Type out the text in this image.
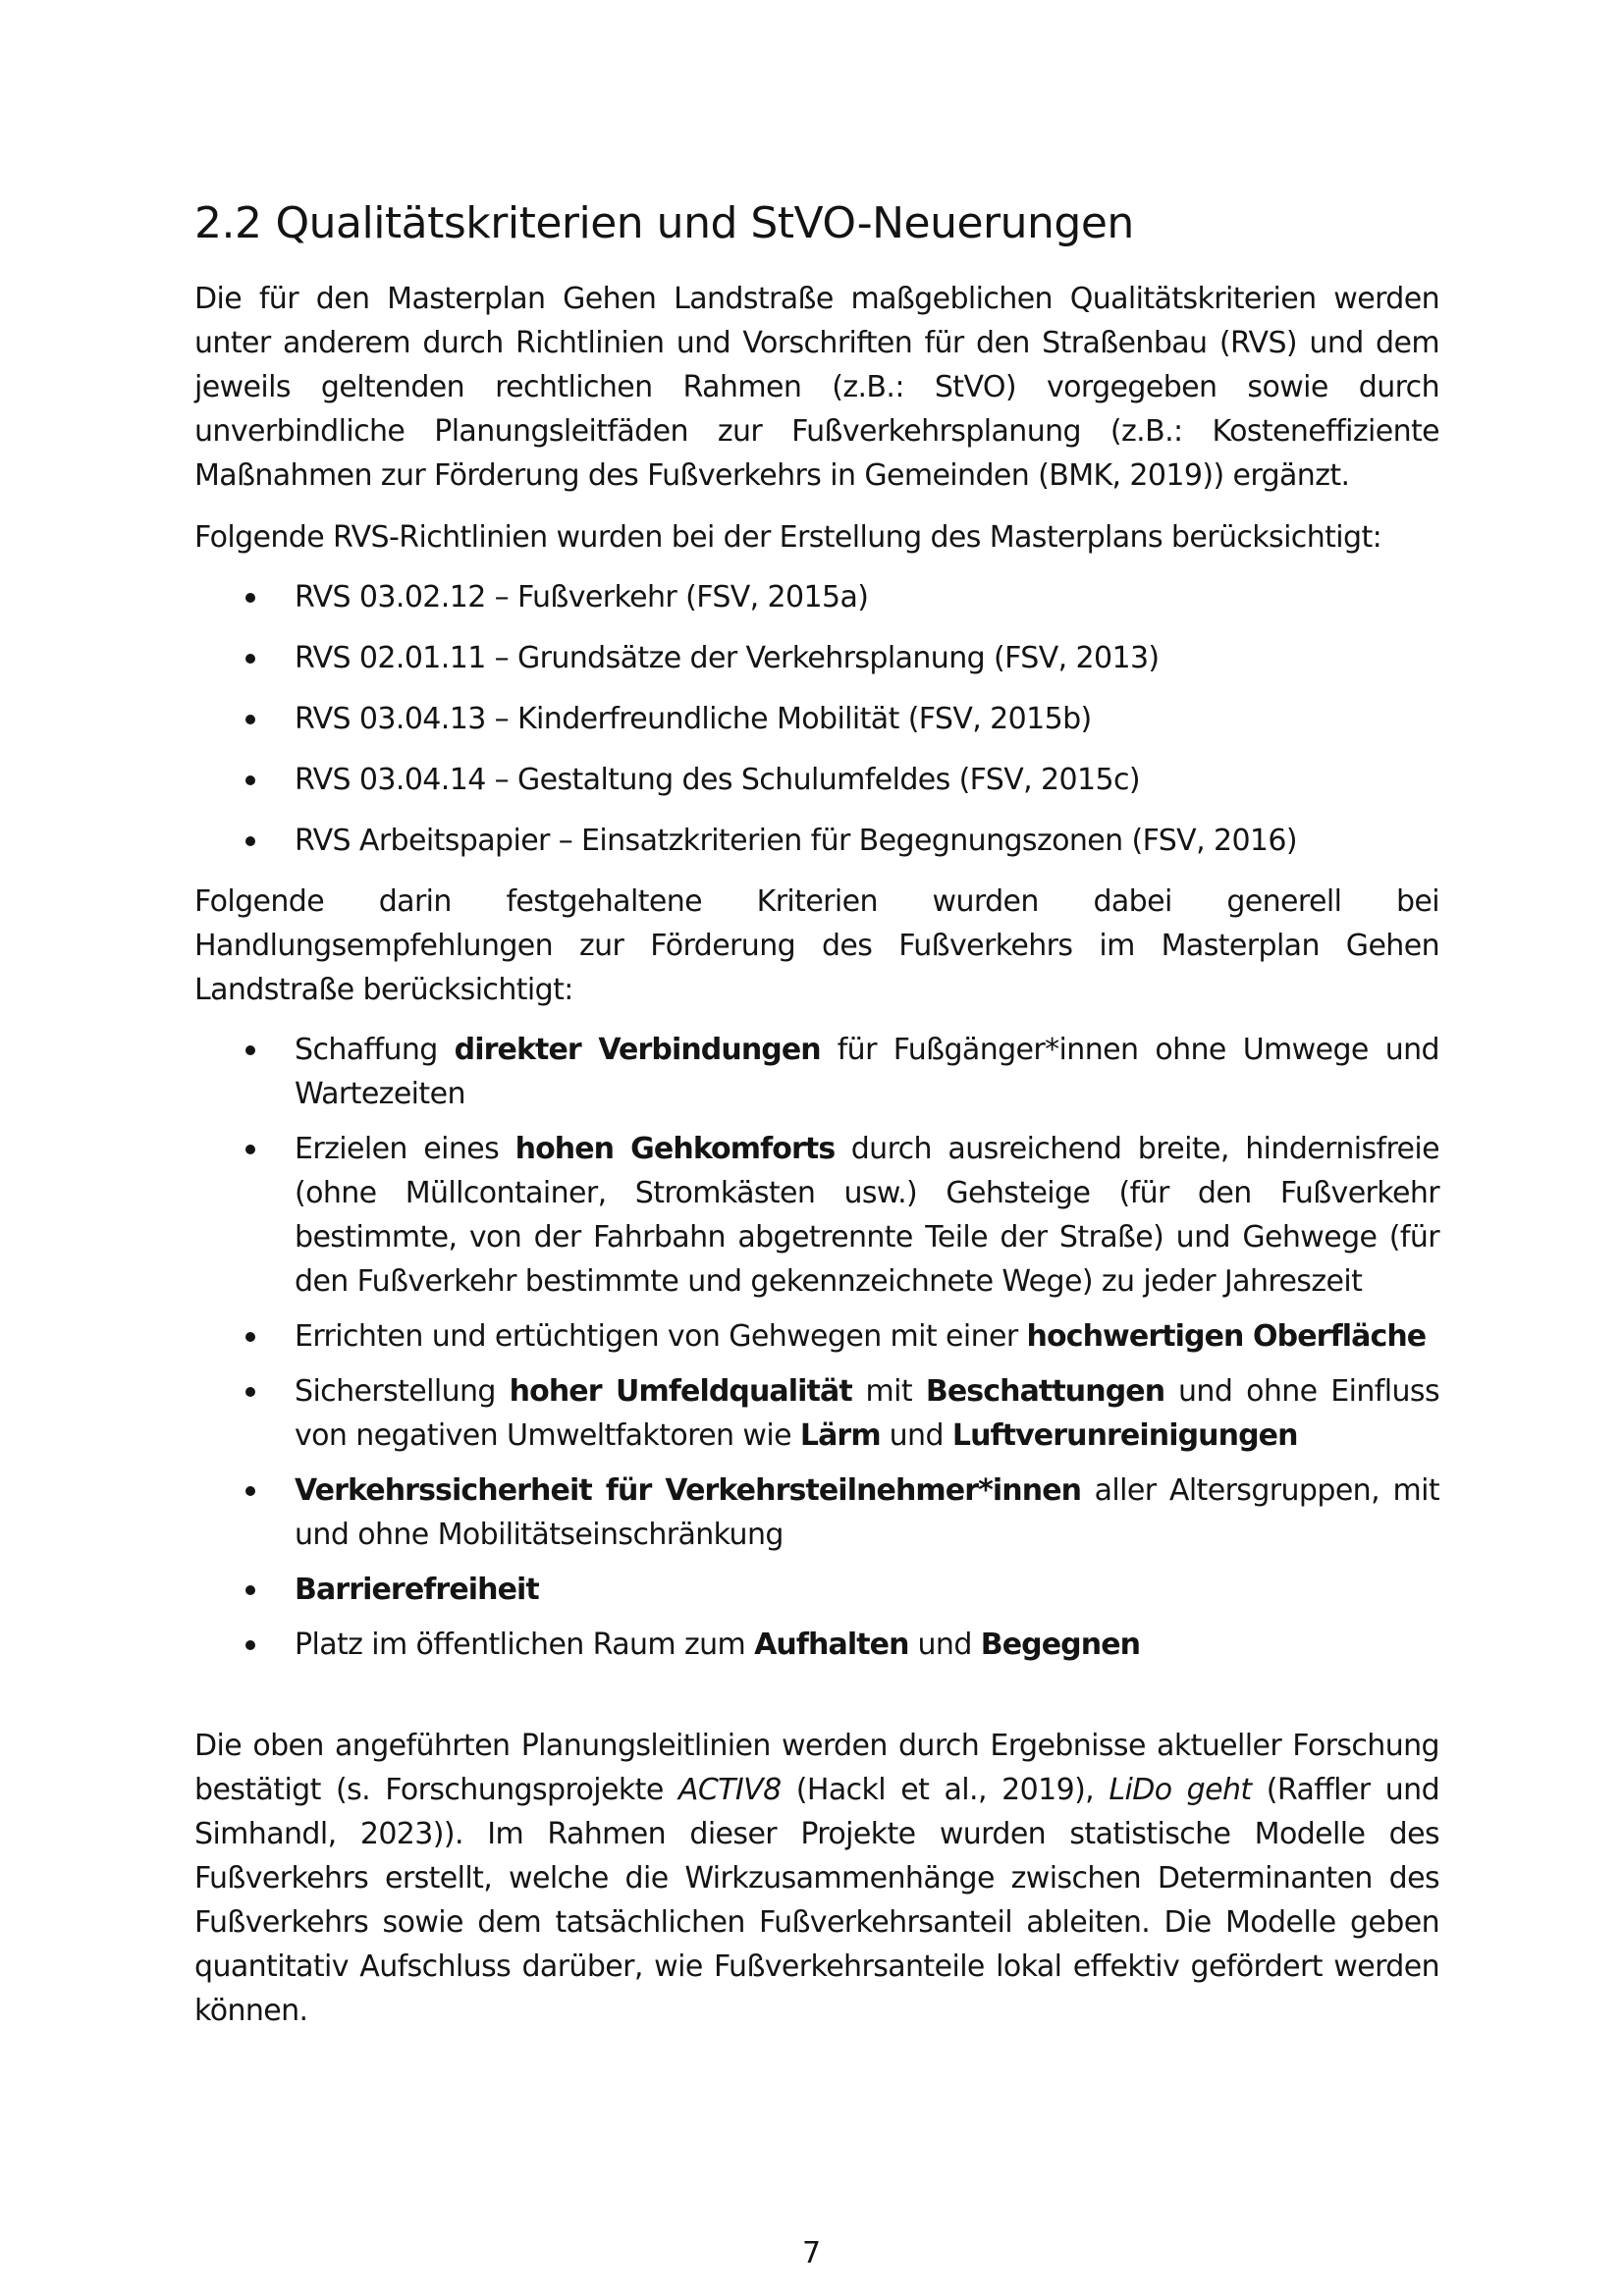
2.2 Qualitätskriterien und StVO-Neuerungen

Die für den Masterplan Gehen Landstraße maßgeblichen Qualitätskriterien werden unter anderem durch Richtlinien und Vorschriften für den Straßenbau (RVS) und dem jeweils geltenden rechtlichen Rahmen (z.B.: StVO) vorgegeben sowie durch unverbindliche Planungsleitfäden zur Fußverkehrsplanung (z.B.: Kosteneffiziente Maßnahmen zur Förderung des Fußverkehrs in Gemeinden (BMK, 2019)) ergänzt.

Folgende RVS-Richtlinien wurden bei der Erstellung des Masterplans berücksichtigt:

RVS 03.02.12 – Fußverkehr (FSV, 2015a)
RVS 02.01.11 – Grundsätze der Verkehrsplanung (FSV, 2013)
RVS 03.04.13 – Kinderfreundliche Mobilität (FSV, 2015b)
RVS 03.04.14 – Gestaltung des Schulumfeldes (FSV, 2015c)
RVS Arbeitspapier – Einsatzkriterien für Begegnungszonen (FSV, 2016)

Folgende darin festgehaltene Kriterien wurden dabei generell bei Handlungsempfehlungen zur Förderung des Fußverkehrs im Masterplan Gehen Landstraße berücksichtigt:

Schaffung direkter Verbindungen für Fußgänger*innen ohne Umwege und Wartezeiten
Erzielen eines hohen Gehkomforts durch ausreichend breite, hindernisfreie (ohne Müllcontainer, Stromkästen usw.) Gehsteige (für den Fußverkehr bestimmte, von der Fahrbahn abgetrennte Teile der Straße) und Gehwege (für den Fußverkehr bestimmte und gekennzeichnete Wege) zu jeder Jahreszeit
Errichten und ertüchtigen von Gehwegen mit einer hochwertigen Oberfläche
Sicherstellung hoher Umfeldqualität mit Beschattungen und ohne Einfluss von negativen Umweltfaktoren wie Lärm und Luftverunreinigungen
Verkehrssicherheit für Verkehrsteilnehmer*innen aller Altersgruppen, mit und ohne Mobilitätseinschränkung
Barrierefreiheit
Platz im öffentlichen Raum zum Aufhalten und Begegnen

Die oben angeführten Planungsleitlinien werden durch Ergebnisse aktueller Forschung bestätigt (s. Forschungsprojekte ACTIV8 (Hackl et al., 2019), LiDo geht (Raffler und Simhandl, 2023)). Im Rahmen dieser Projekte wurden statistische Modelle des Fußverkehrs erstellt, welche die Wirkzusammenhänge zwischen Determinanten des Fußverkehrs sowie dem tatsächlichen Fußverkehrsanteil ableiten. Die Modelle geben quantitativ Aufschluss darüber, wie Fußverkehrsanteile lokal effektiv gefördert werden können.

7
